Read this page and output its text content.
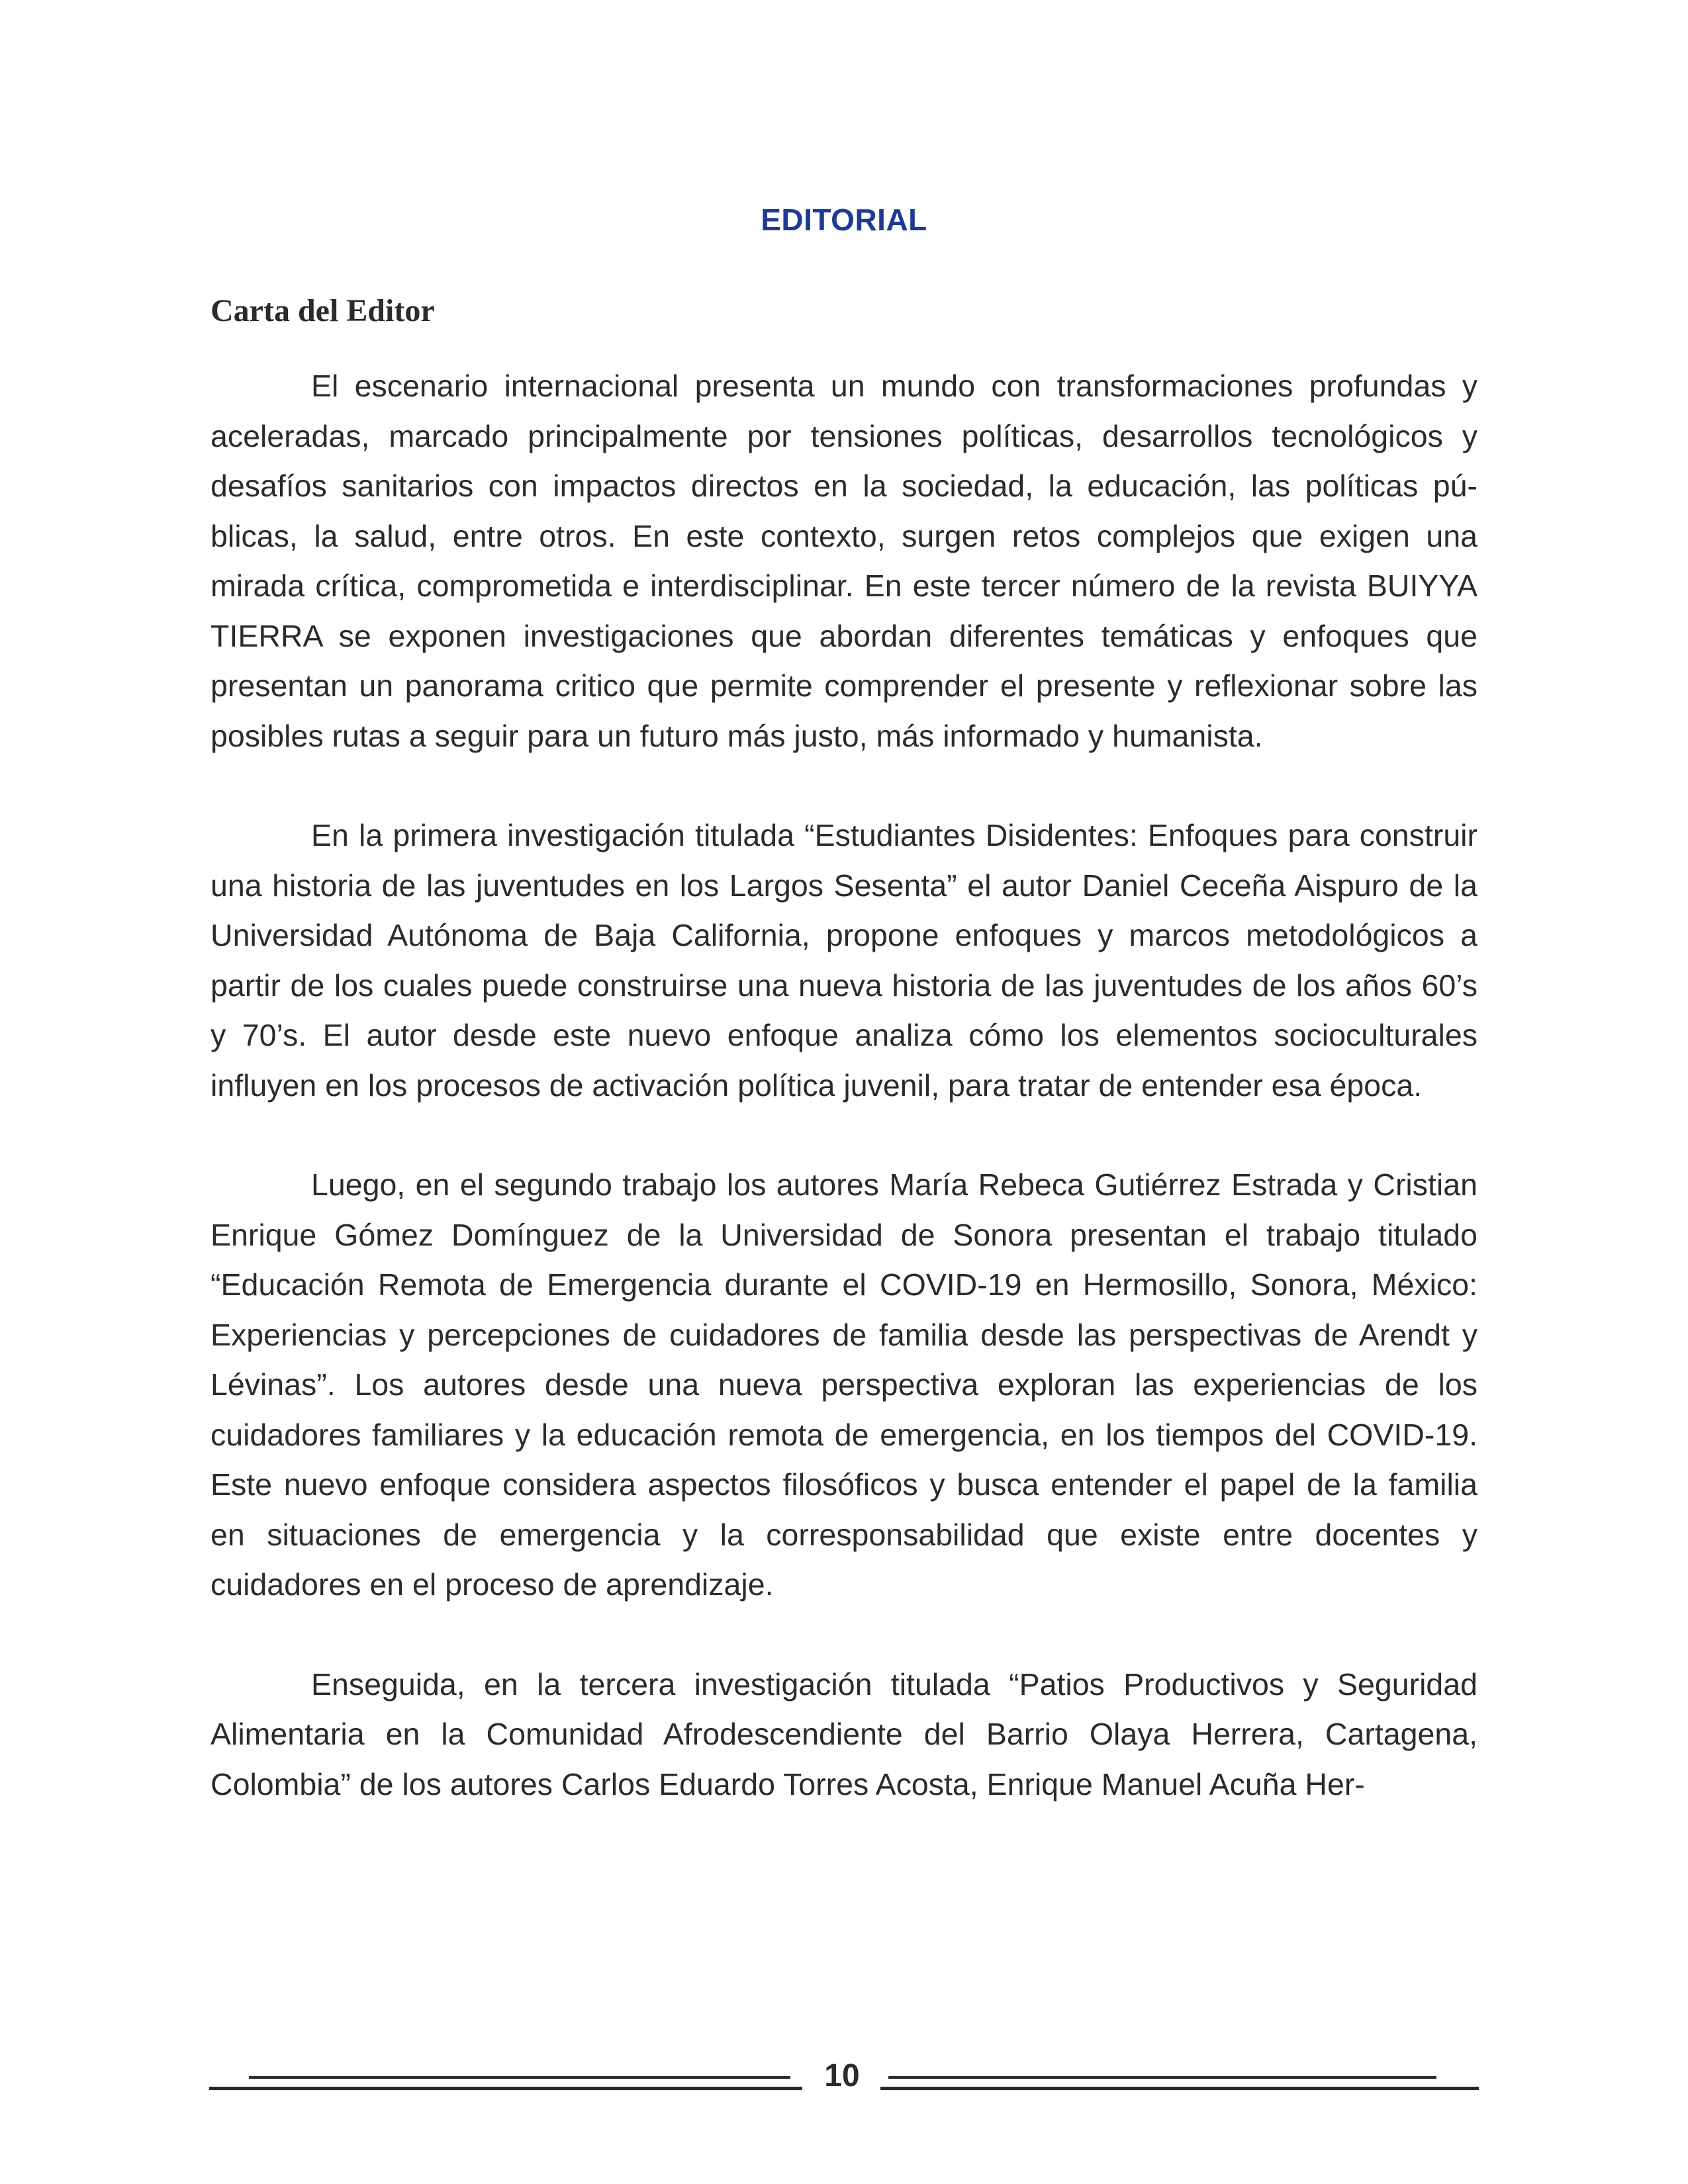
EDITORIAL
Carta del Editor

El escenario internacional presenta un mundo con transformaciones profundas y aceleradas, marcado principalmente por tensiones políticas, desarrollos tecnológicos y desafíos sanitarios con impactos directos en la sociedad, la educación, las políticas públicas, la salud, entre otros. En este contexto, surgen retos complejos que exigen una mirada crítica, comprometida e interdisciplinar. En este tercer número de la revista BUIYYA TIERRA se exponen investigaciones que abordan diferentes temáticas y enfoques que presentan un panorama critico que permite comprender el presente y reflexionar sobre las posibles rutas a seguir para un futuro más justo, más informado y humanista.

En la primera investigación titulada “Estudiantes Disidentes: Enfoques para construir una historia de las juventudes en los Largos Sesenta” el autor Daniel Ceceña Aispuro de la Universidad Autónoma de Baja California, propone enfoques y marcos metodológicos a partir de los cuales puede construirse una nueva historia de las juventudes de los años 60’s y 70’s. El autor desde este nuevo enfoque analiza cómo los elementos socioculturales influyen en los procesos de activación política juvenil, para tratar de entender esa época.

Luego, en el segundo trabajo los autores María Rebeca Gutiérrez Estrada y Cristian Enrique Gómez Domínguez de la Universidad de Sonora presentan el trabajo titulado “Educación Remota de Emergencia durante el COVID-19 en Hermosillo, Sonora, México: Experiencias y percepciones de cuidadores de familia desde las perspectivas de Arendt y Lévinas”. Los autores desde una nueva perspectiva exploran las experiencias de los cuidadores familiares y la educación remota de emergencia, en los tiempos del COVID-19. Este nuevo enfoque considera aspectos filosóficos y busca entender el papel de la familia en situaciones de emergencia y la corresponsabilidad que existe entre docentes y cuidadores en el proceso de aprendizaje.

Enseguida, en la tercera investigación titulada “Patios Productivos y Seguridad Alimentaria en la Comunidad Afrodescendiente del Barrio Olaya Herrera, Cartagena, Colombia” de los autores Carlos Eduardo Torres Acosta, Enrique Manuel Acuña Her-

10
